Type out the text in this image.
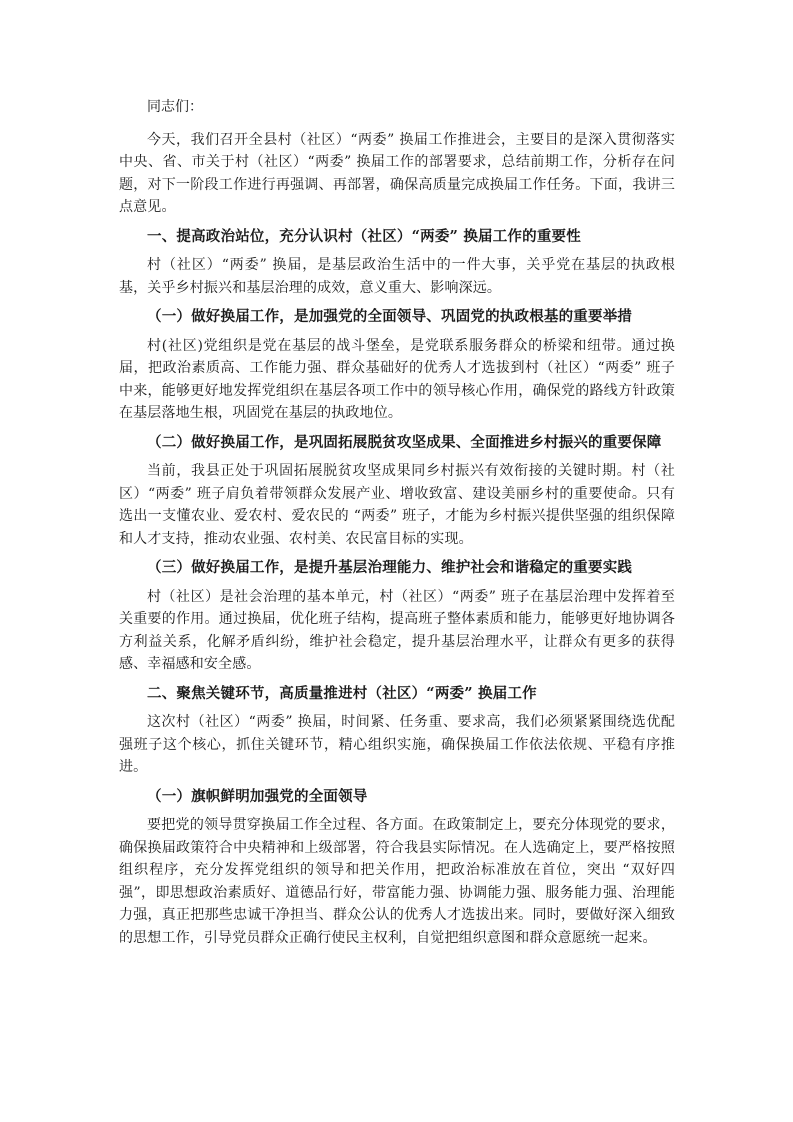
同志们：

今天，我们召开全县村（社区）“两委” 换届工作推进会，主要目的是深入贯彻落实中央、省、市关于村（社区）“两委” 换届工作的部署要求，总结前期工作，分析存在问题，对下一阶段工作进行再强调、再部署，确保高质量完成换届工作任务。下面，我讲三点意见。

一、提高政治站位，充分认识村（社区）“两委” 换届工作的重要性

村（社区）“两委” 换届，是基层政治生活中的一件大事，关乎党在基层的执政根基，关乎乡村振兴和基层治理的成效，意义重大、影响深远。

（一）做好换届工作，是加强党的全面领导、巩固党的执政根基的重要举措

村(社区)党组织是党在基层的战斗堡垒，是党联系服务群众的桥梁和纽带。通过换届，把政治素质高、工作能力强、群众基础好的优秀人才选拔到村（社区）“两委” 班子中来，能够更好地发挥党组织在基层各项工作中的领导核心作用，确保党的路线方针政策在基层落地生根，巩固党在基层的执政地位。

（二）做好换届工作，是巩固拓展脱贫攻坚成果、全面推进乡村振兴的重要保障

当前，我县正处于巩固拓展脱贫攻坚成果同乡村振兴有效衔接的关键时期。村（社区）“两委” 班子肩负着带领群众发展产业、增收致富、建设美丽乡村的重要使命。只有选出一支懂农业、爱农村、爱农民的 “两委” 班子，才能为乡村振兴提供坚强的组织保障和人才支持，推动农业强、农村美、农民富目标的实现。

（三）做好换届工作，是提升基层治理能力、维护社会和谐稳定的重要实践

村（社区）是社会治理的基本单元，村（社区）“两委” 班子在基层治理中发挥着至关重要的作用。通过换届，优化班子结构，提高班子整体素质和能力，能够更好地协调各方利益关系，化解矛盾纠纷，维护社会稳定，提升基层治理水平，让群众有更多的获得感、幸福感和安全感。

二、聚焦关键环节，高质量推进村（社区）“两委” 换届工作

这次村（社区）“两委” 换届，时间紧、任务重、要求高，我们必须紧紧围绕选优配强班子这个核心，抓住关键环节，精心组织实施，确保换届工作依法依规、平稳有序推进。

（一）旗帜鲜明加强党的全面领导

要把党的领导贯穿换届工作全过程、各方面。在政策制定上，要充分体现党的要求，确保换届政策符合中央精神和上级部署，符合我县实际情况。在人选确定上，要严格按照组织程序，充分发挥党组织的领导和把关作用，把政治标准放在首位，突出 “双好四强”，即思想政治素质好、道德品行好，带富能力强、协调能力强、服务能力强、治理能力强，真正把那些忠诚干净担当、群众公认的优秀人才选拔出来。同时，要做好深入细致的思想工作，引导党员群众正确行使民主权利，自觉把组织意图和群众意愿统一起来。
